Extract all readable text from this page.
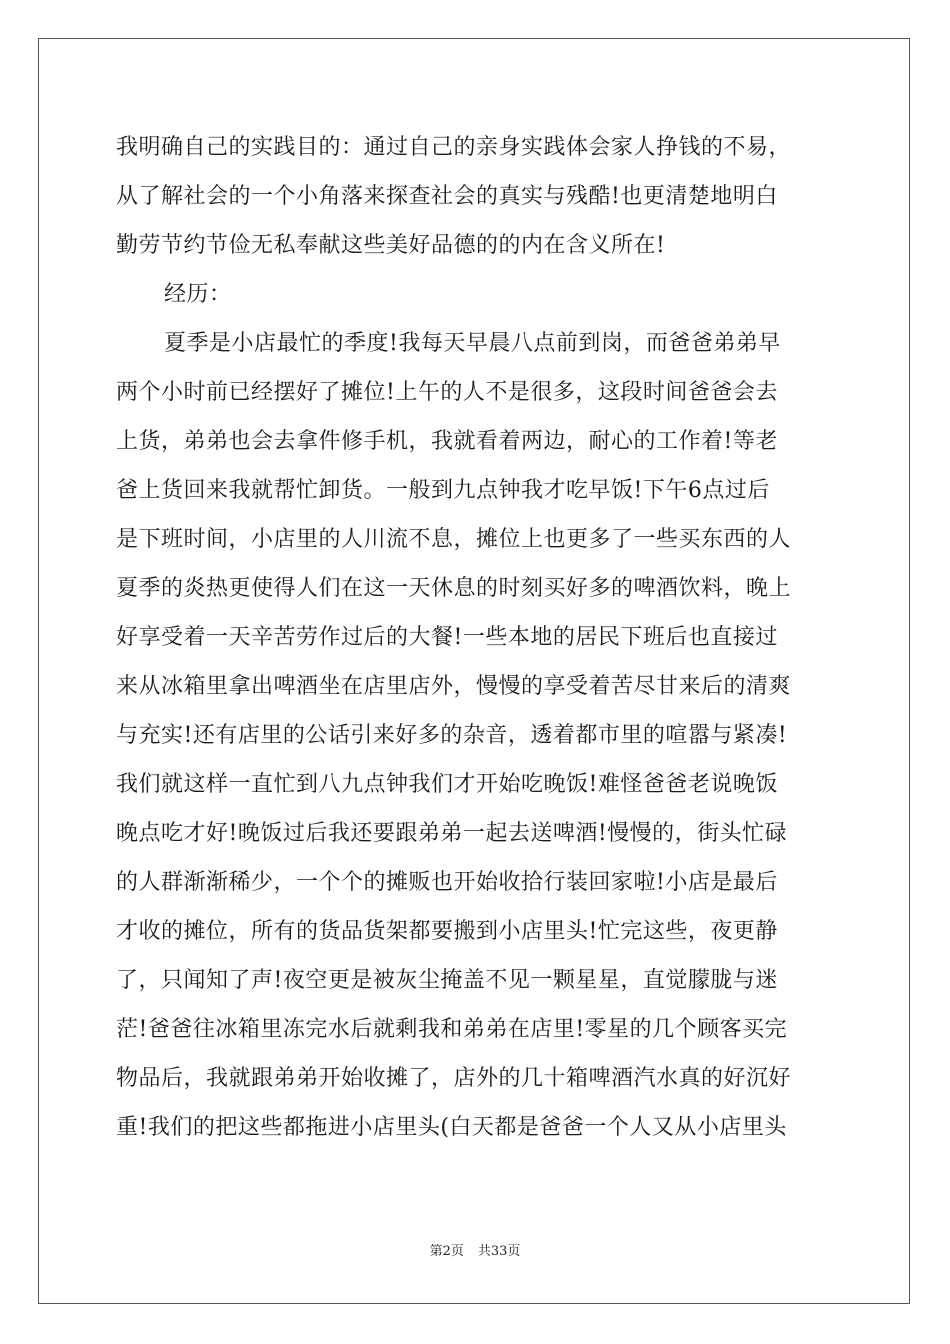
我明确自己的实践目的：通过自己的亲身实践体会家人挣钱的不易，
从了解社会的一个小角落来探查社会的真实与残酷!也更清楚地明白
勤劳节约节俭无私奉献这些美好品德的的内在含义所在!
经历：
夏季是小店最忙的季度!我每天早晨八点前到岗，而爸爸弟弟早
两个小时前已经摆好了摊位!上午的人不是很多，这段时间爸爸会去
上货，弟弟也会去拿件修手机，我就看着两边，耐心的工作着!等老
爸上货回来我就帮忙卸货。一般到九点钟我才吃早饭!下午6点过后
是下班时间，小店里的人川流不息，摊位上也更多了一些买东西的人
夏季的炎热更使得人们在这一天休息的时刻买好多的啤酒饮料，晚上
好享受着一天辛苦劳作过后的大餐!一些本地的居民下班后也直接过
来从冰箱里拿出啤酒坐在店里店外，慢慢的享受着苦尽甘来后的清爽
与充实!还有店里的公话引来好多的杂音，透着都市里的喧嚣与紧凑!
我们就这样一直忙到八九点钟我们才开始吃晚饭!难怪爸爸老说晚饭
晚点吃才好!晚饭过后我还要跟弟弟一起去送啤酒!慢慢的，街头忙碌
的人群渐渐稀少，一个个的摊贩也开始收拾行装回家啦!小店是最后
才收的摊位，所有的货品货架都要搬到小店里头!忙完这些，夜更静
了，只闻知了声!夜空更是被灰尘掩盖不见一颗星星，直觉朦胧与迷
茫!爸爸往冰箱里冻完水后就剩我和弟弟在店里!零星的几个顾客买完
物品后，我就跟弟弟开始收摊了，店外的几十箱啤酒汽水真的好沉好
重!我们的把这些都拖进小店里头(白天都是爸爸一个人又从小店里头
第2页 共33页
